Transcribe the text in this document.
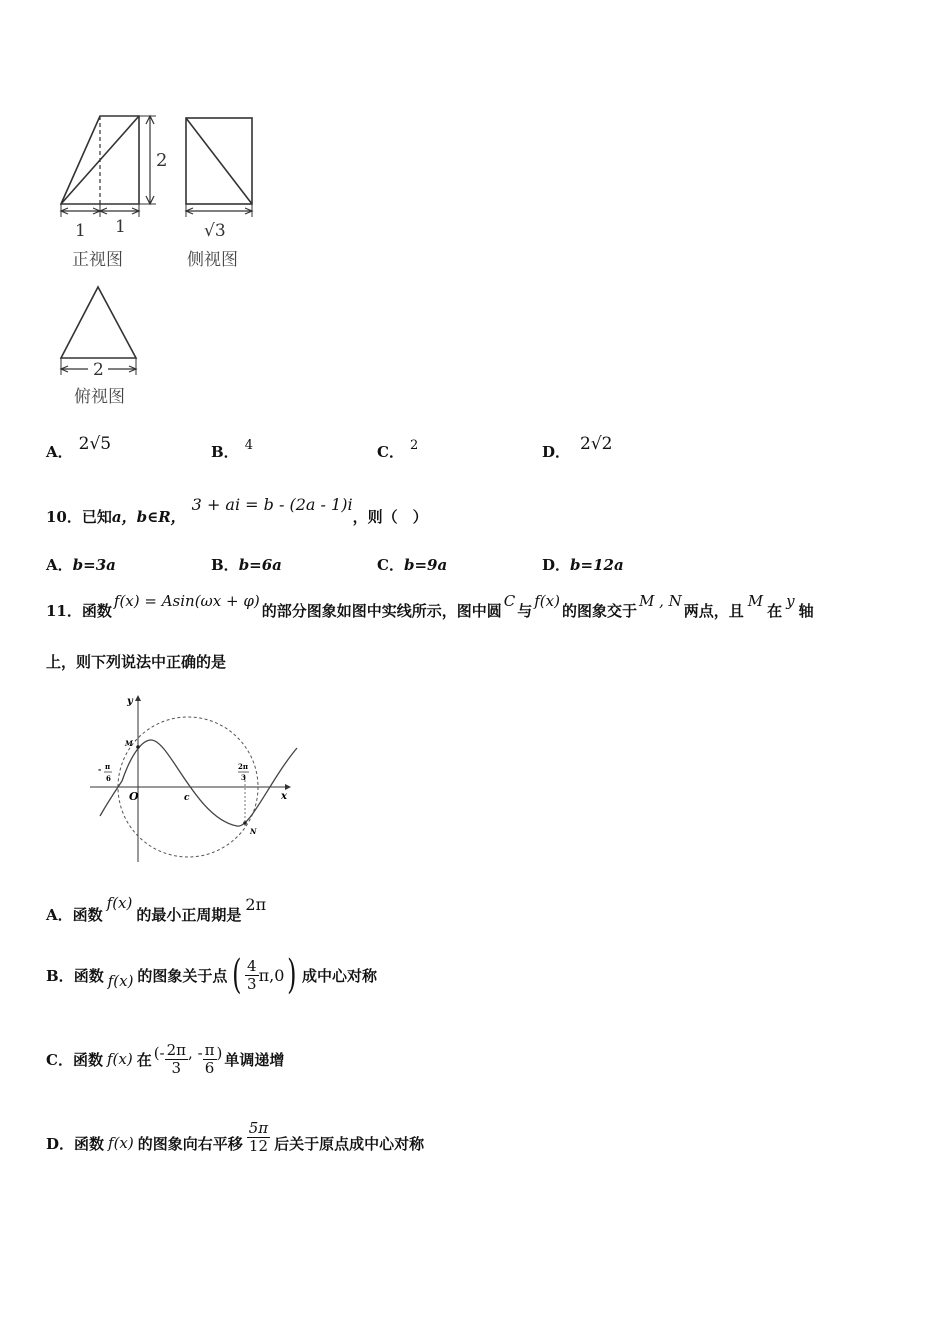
2
1 1
正视图
√3
侧视图
2
俯视图
A． 2√5	B． 4	C． 2	D． 2√2
10．已知a，b∈R，3 + ai = b - (2a - 1)i，则（　）
A．b=3a	B．b=6a	C．b=9a	D．b=12a
11．函数f(x) = Asin(ωx + φ)的部分图象如图中实线所示，图中圆C与f(x)的图象交于M , N两点，且M在y轴
上，则下列说法中正确的是
y
x
O
M
N
c
- π
6
2π
3
A．函数f(x)的最小正周期是2π
B． 函数 f(x) 的图象关于点 ( $\frac{4}{3} \pi,0$ ) 成中心对称
C． 函数 f(x) 在 (- $\frac{2\pi}{3}$ , - $\frac{\pi}{6}$ ) 单调递增
D． 函数 f(x) 的图象向右平移 $\frac{5\pi}{12}$ 后关于原点成中心对称
